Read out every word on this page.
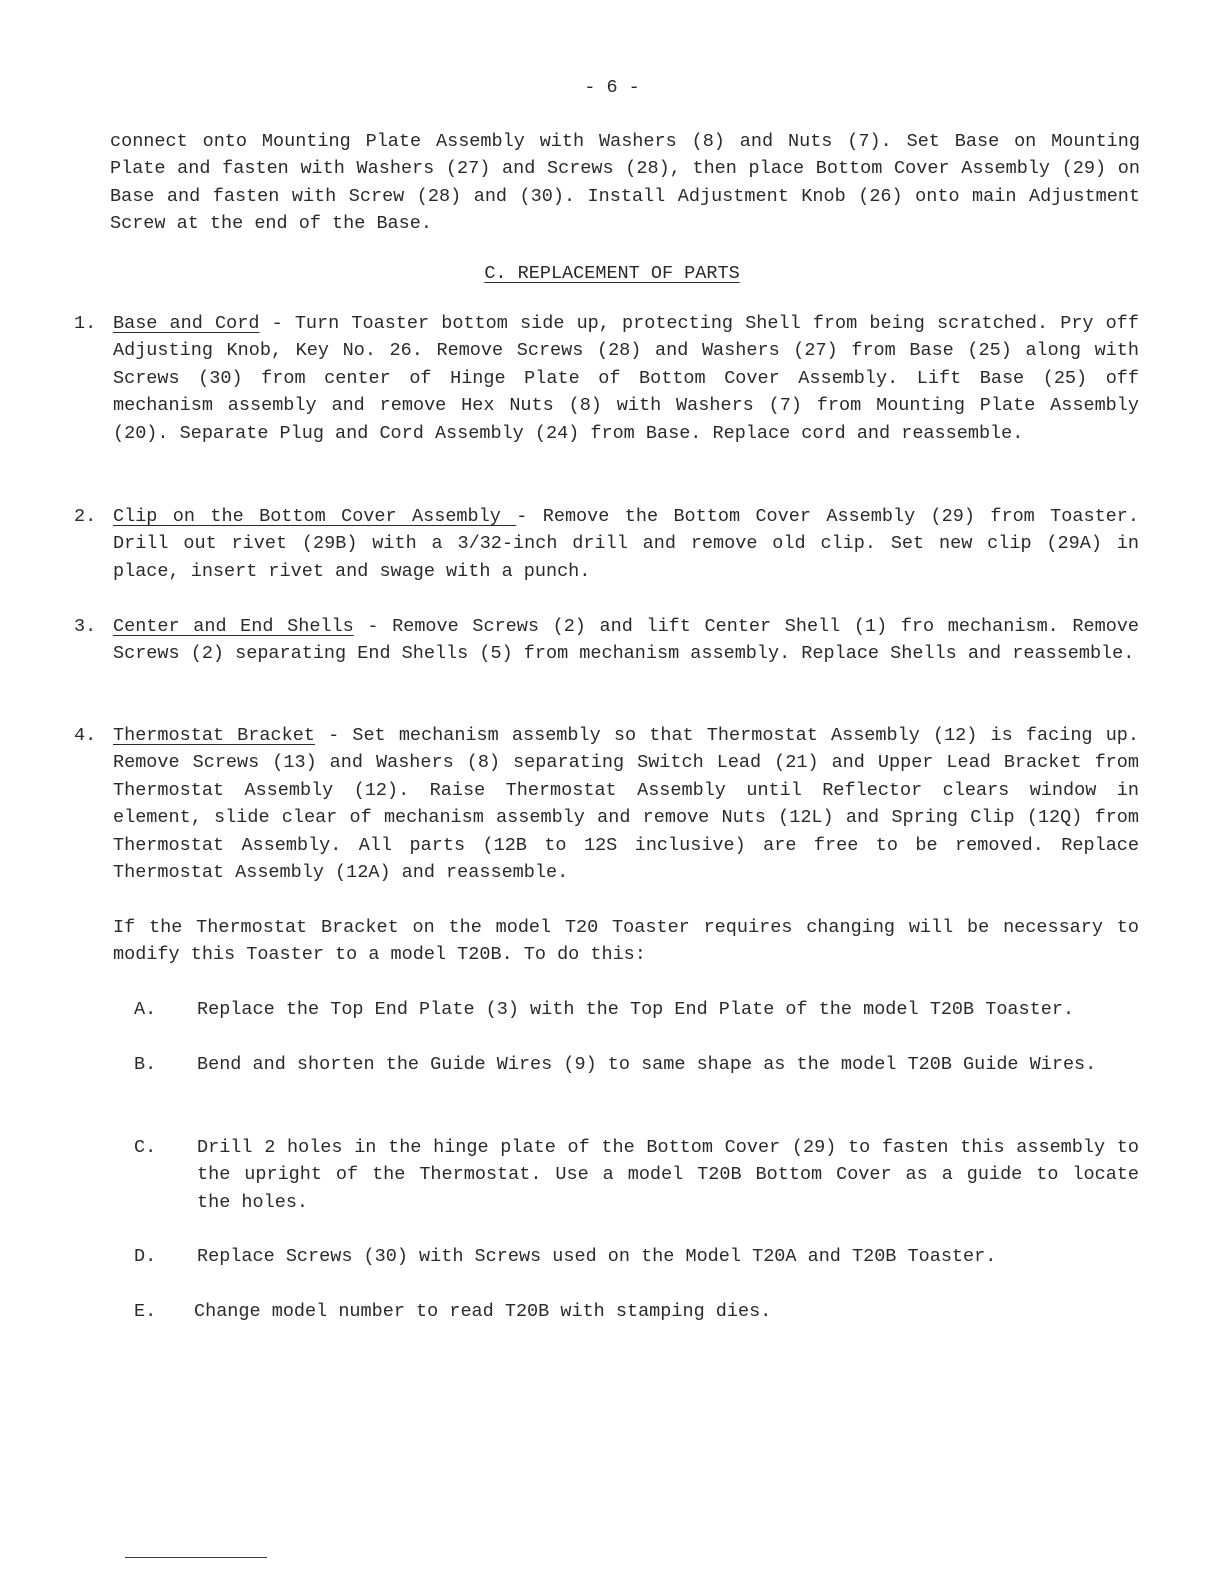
- 6 -
connect onto Mounting Plate Assembly with Washers (8) and Nuts (7). Set Base on Mounting Plate and fasten with Washers (27) and Screws (28), then place Bottom Cover Assembly (29) on Base and fasten with Screw (28) and (30). Install Adjustment Knob (26) onto main Adjustment Screw at the end of the Base.
C. REPLACEMENT OF PARTS
1. Base and Cord - Turn Toaster bottom side up, protecting Shell from being scratched. Pry off Adjusting Knob, Key No. 26. Remove Screws (28) and Washers (27) from Base (25) along with Screws (30) from center of Hinge Plate of Bottom Cover Assembly. Lift Base (25) off mechanism assembly and remove Hex Nuts (8) with Washers (7) from Mounting Plate Assembly (20). Separate Plug and Cord Assembly (24) from Base. Replace cord and reassemble.
2. Clip on the Bottom Cover Assembly - Remove the Bottom Cover Assembly (29) from Toaster. Drill out rivet (29B) with a 3/32-inch drill and remove old clip. Set new clip (29A) in place, insert rivet and swage with a punch.
3. Center and End Shells - Remove Screws (2) and lift Center Shell (1) fro mechanism. Remove Screws (2) separating End Shells (5) from mechanism assembly. Replace Shells and reassemble.
4. Thermostat Bracket - Set mechanism assembly so that Thermostat Assembly (12) is facing up. Remove Screws (13) and Washers (8) separating Switch Lead (21) and Upper Lead Bracket from Thermostat Assembly (12). Raise Thermostat Assembly until Reflector clears window in element, slide clear of mechanism assembly and remove Nuts (12L) and Spring Clip (12Q) from Thermostat Assembly. All parts (12B to 12S inclusive) are free to be removed. Replace Thermostat Assembly (12A) and reassemble.
If the Thermostat Bracket on the model T20 Toaster requires changing will be necessary to modify this Toaster to a model T20B. To do this:
A. Replace the Top End Plate (3) with the Top End Plate of the model T20B Toaster.
B. Bend and shorten the Guide Wires (9) to same shape as the model T20B Guide Wires.
C. Drill 2 holes in the hinge plate of the Bottom Cover (29) to fasten this assembly to the upright of the Thermostat. Use a model T20B Bottom Cover as a guide to locate the holes.
D. Replace Screws (30) with Screws used on the Model T20A and T20B Toaster.
E. Change model number to read T20B with stamping dies.
